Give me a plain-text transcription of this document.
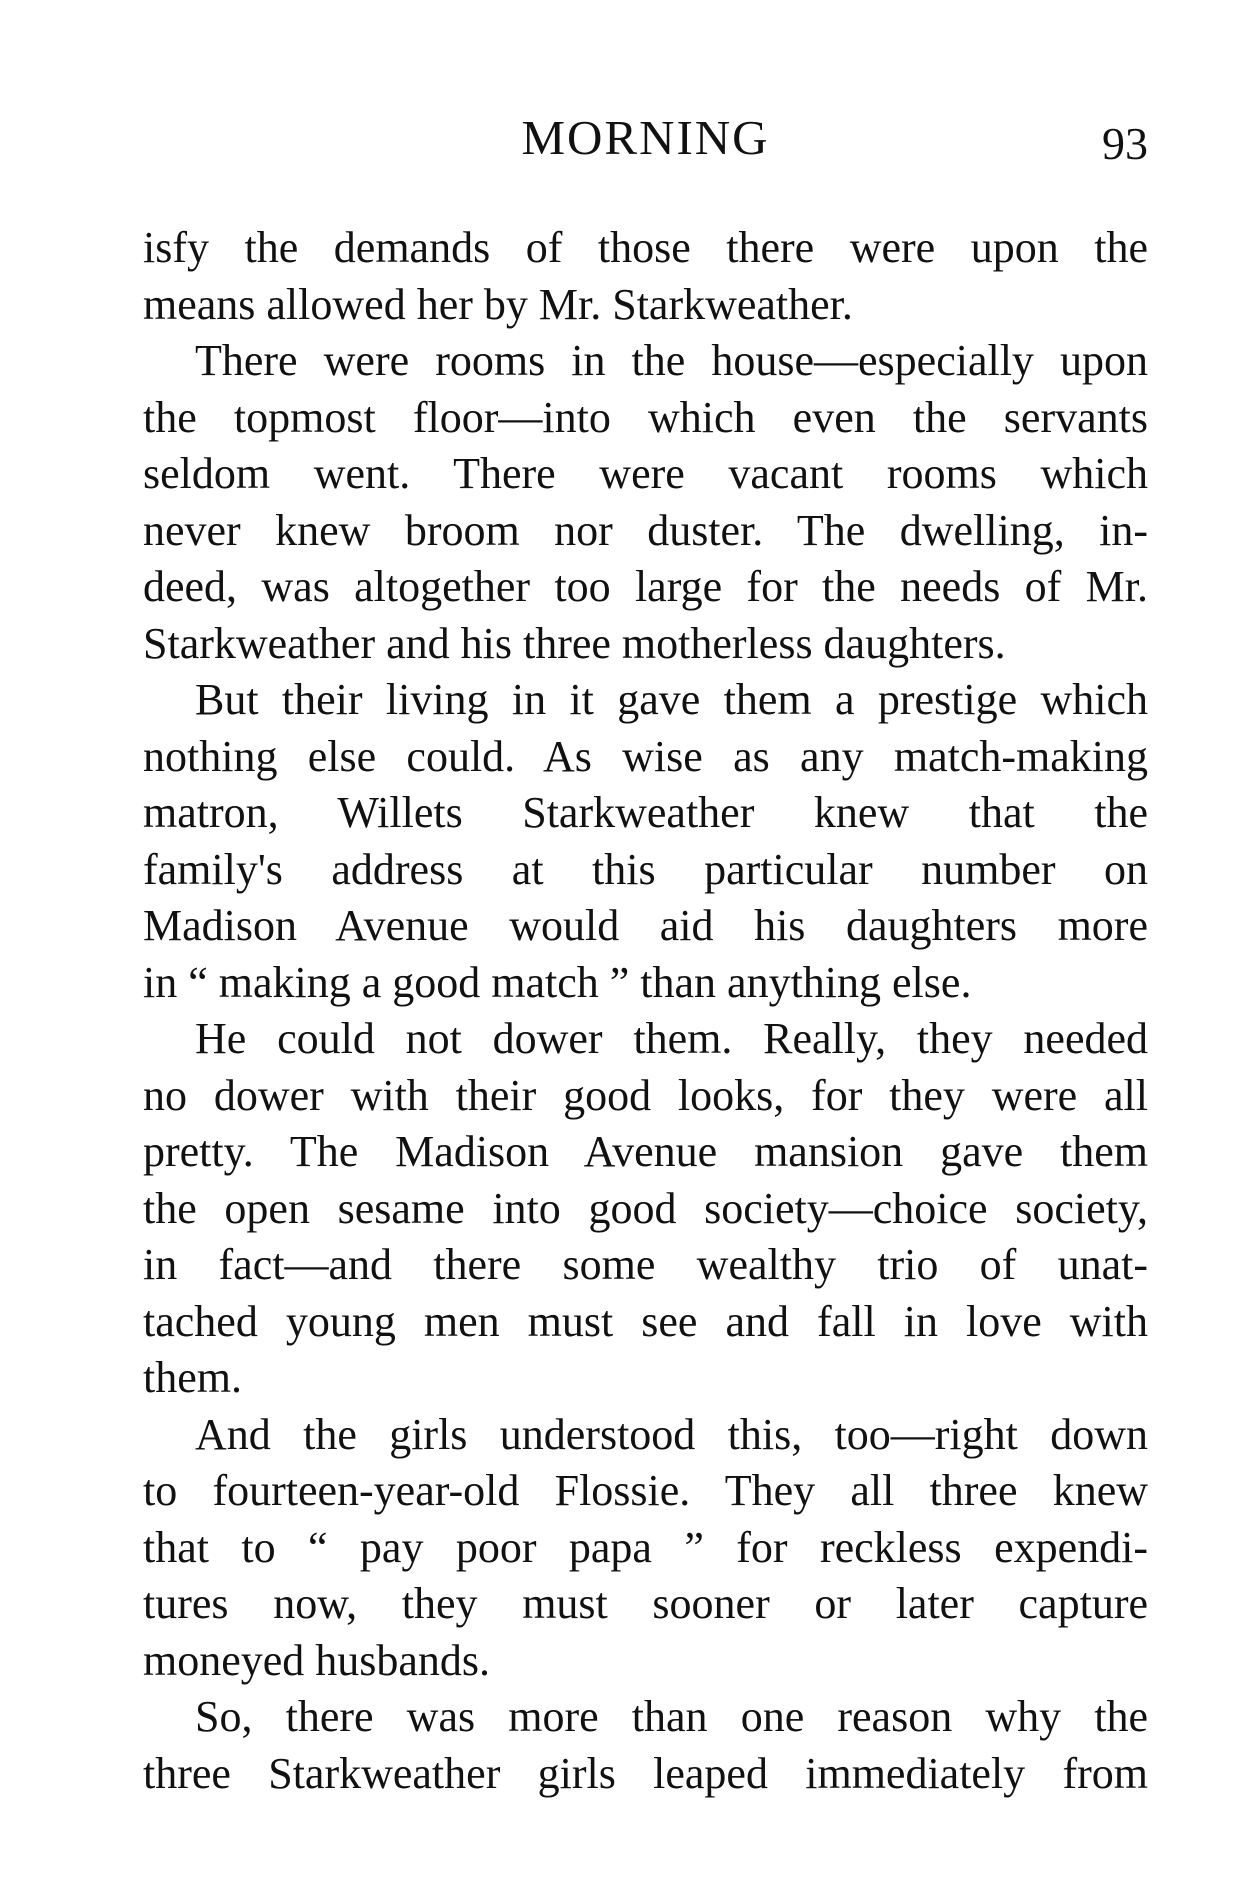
MORNING	93
isfy the demands of those there were upon the
means allowed her by Mr. Starkweather.
There were rooms in the house—especially upon
the topmost floor—into which even the servants
seldom went. There were vacant rooms which
never knew broom nor duster. The dwelling, in-
deed, was altogether too large for the needs of Mr.
Starkweather and his three motherless daughters.
But their living in it gave them a prestige which
nothing else could. As wise as any match-making
matron, Willets Starkweather knew that the
family's address at this particular number on
Madison Avenue would aid his daughters more
in “ making a good match ” than anything else.
He could not dower them. Really, they needed
no dower with their good looks, for they were all
pretty. The Madison Avenue mansion gave them
the open sesame into good society—choice society,
in fact—and there some wealthy trio of unat-
tached young men must see and fall in love with
them.
And the girls understood this, too—right down
to fourteen-year-old Flossie. They all three knew
that to “ pay poor papa ” for reckless expendi-
tures now, they must sooner or later capture
moneyed husbands.
So, there was more than one reason why the
three Starkweather girls leaped immediately from
